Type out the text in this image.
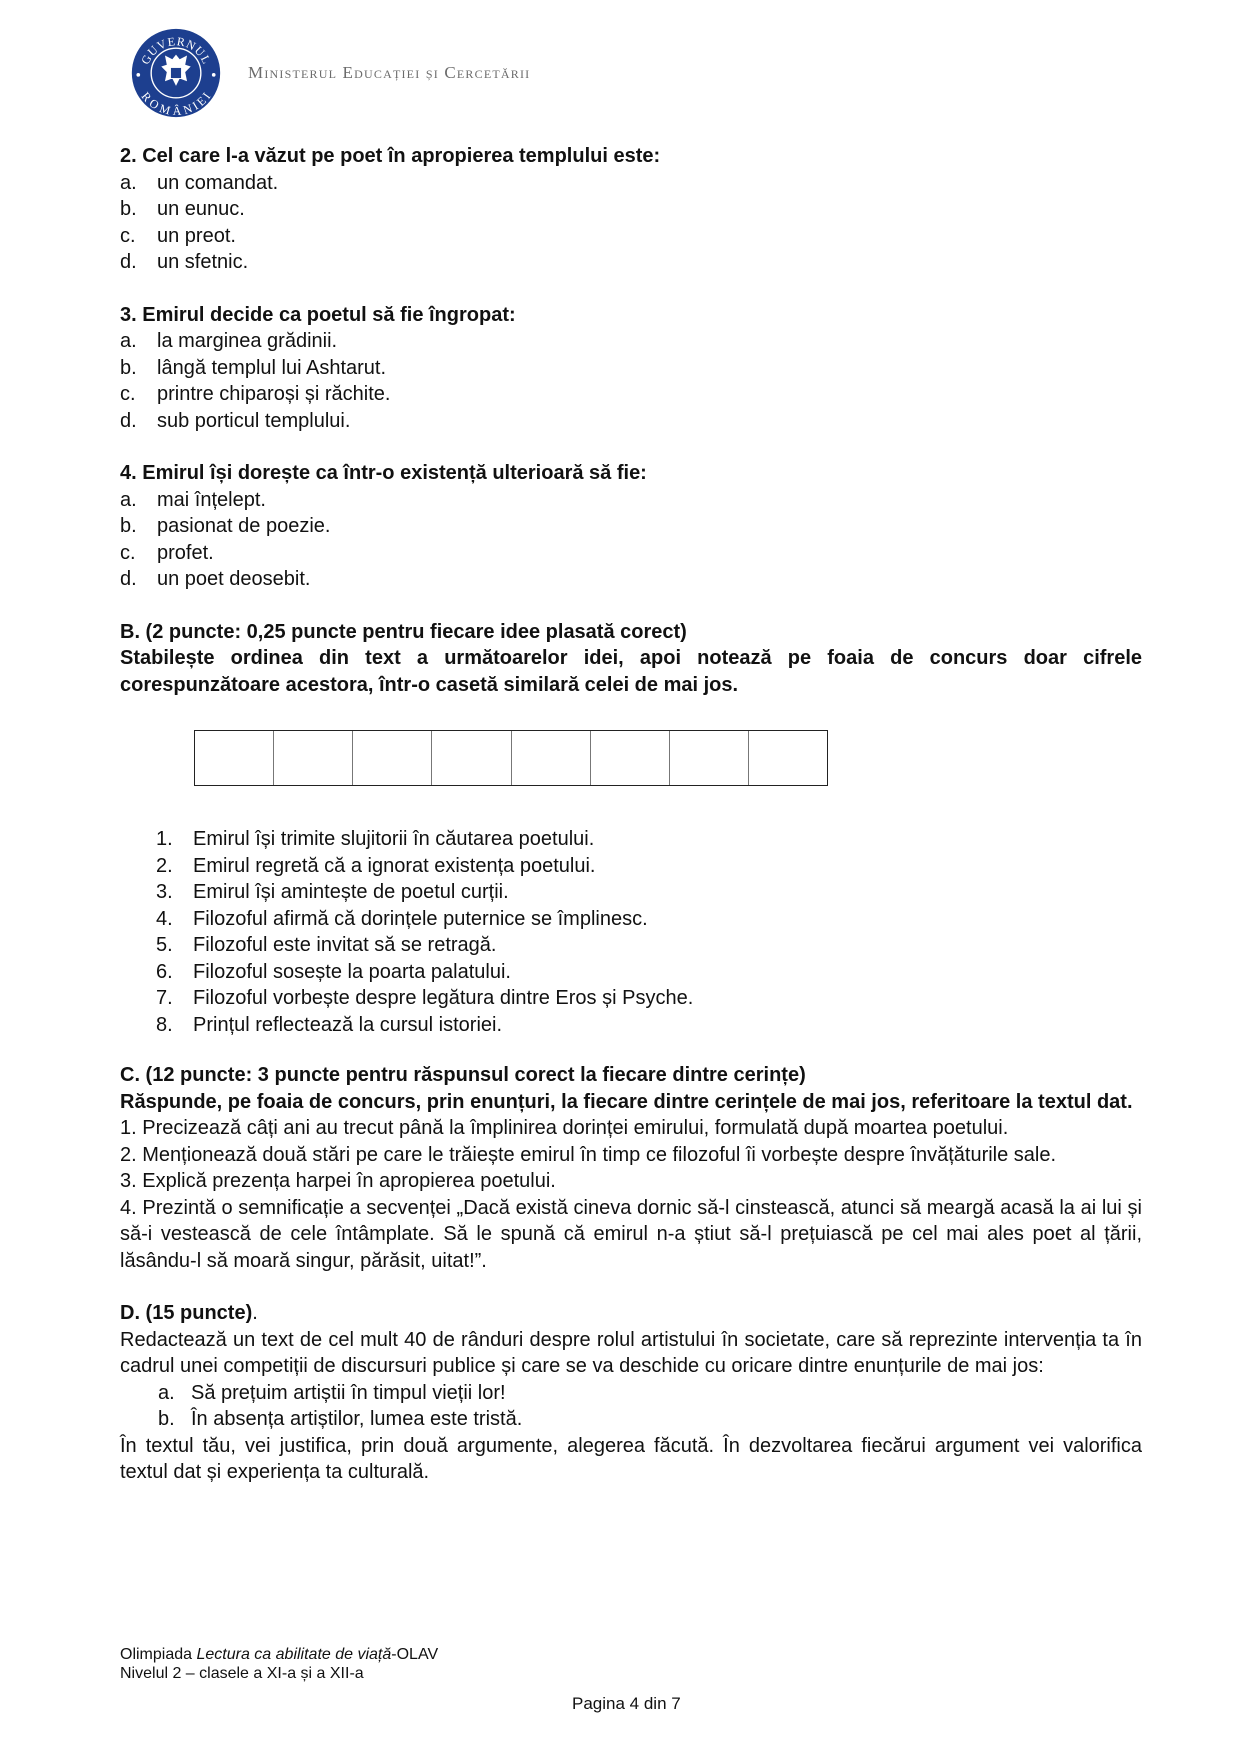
GUVERNUL
ROMÂNIEI
Ministerul Educației și Cercetării
2. Cel care l-a văzut pe poet în apropierea templului este:
a.	un comandat.
b.	un eunuc.
c.	un preot.
d.	un sfetnic.
3. Emirul decide ca poetul să fie îngropat:
a.	la marginea grădinii.
b.	lângă templul lui Ashtarut.
c.	printre chiparoși și răchite.
d.	sub porticul templului.
4. Emirul își dorește ca într-o existență ulterioară să fie:
a.	mai înțelept.
b.	pasionat de poezie.
c.	profet.
d.	un poet deosebit.
B. (2 puncte: 0,25 puncte pentru fiecare idee plasată corect)
Stabilește ordinea din text a următoarelor idei, apoi notează pe foaia de concurs doar cifrele corespunzătoare acestora, într-o casetă similară celei de mai jos.
1.	Emirul își trimite slujitorii în căutarea poetului.
2.	Emirul regretă că a ignorat existența poetului.
3.	Emirul își amintește de poetul curții.
4.	Filozoful afirmă că dorințele puternice se împlinesc.
5.	Filozoful este invitat să se retragă.
6.	Filozoful sosește la poarta palatului.
7.	Filozoful vorbește despre legătura dintre Eros și Psyche.
8.	Prințul reflectează la cursul istoriei.
C. (12 puncte: 3 puncte pentru răspunsul corect la fiecare dintre cerințe)
Răspunde, pe foaia de concurs, prin enunțuri, la fiecare dintre cerințele de mai jos, referitoare la textul dat.
1. Precizează câți ani au trecut până la împlinirea dorinței emirului, formulată după moartea poetului.
2. Menționează două stări pe care le trăiește emirul în timp ce filozoful îi vorbește despre învățăturile sale.
3. Explică prezența harpei în apropierea poetului.
4. Prezintă o semnificație a secvenței „Dacă există cineva dornic să-l cinstească, atunci să meargă acasă la ai lui și să-i vestească de cele întâmplate. Să le spună că emirul n-a știut să-l prețuiască pe cel mai ales poet al țării, lăsându-l să moară singur, părăsit, uitat!”.
D. (15 puncte).
Redactează un text de cel mult 40 de rânduri despre rolul artistului în societate, care să reprezinte intervenția ta în cadrul unei competiții de discursuri publice și care se va deschide cu oricare dintre enunțurile de mai jos:
a. Să prețuim artiștii în timpul vieții lor!
b. În absența artiștilor, lumea este tristă.
În textul tău, vei justifica, prin două argumente, alegerea făcută. În dezvoltarea fiecărui argument vei valorifica textul dat și experiența ta culturală.
Olimpiada Lectura ca abilitate de viață-OLAV
Nivelul 2 – clasele a XI-a și a XII-a
Pagina 4 din 7
